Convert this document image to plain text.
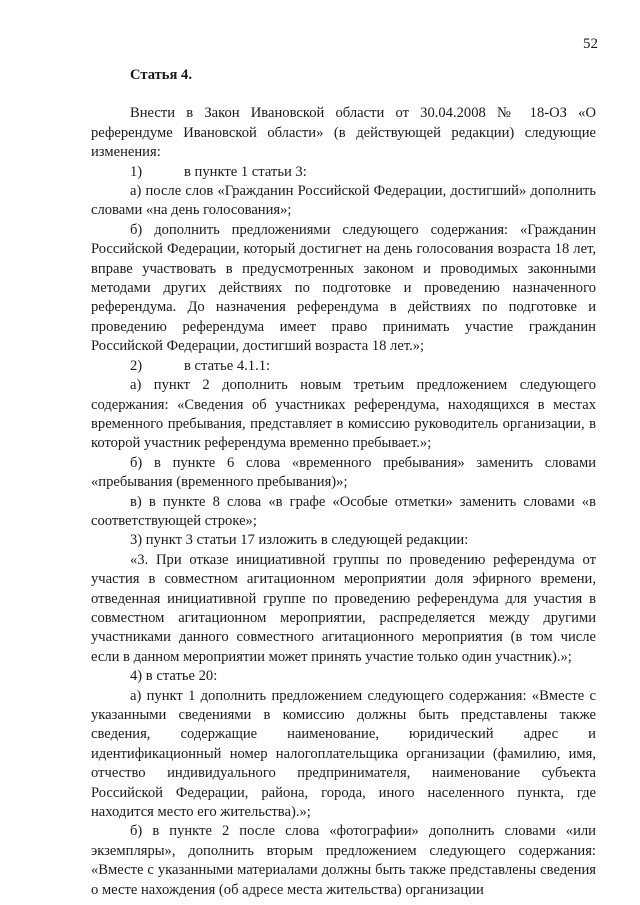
52
Статья 4.

Внести в Закон Ивановской области от 30.04.2008 № 18-ОЗ «О референдуме Ивановской области» (в действующей редакции) следующие изменения:

1)	в пункте 1 статьи 3:

а) после слов «Гражданин Российской Федерации, достигший» дополнить словами «на день голосования»;

б) дополнить предложениями следующего содержания: «Гражданин Российской Федерации, который достигнет на день голосования возраста 18 лет, вправе участвовать в предусмотренных законом и проводимых законными методами других действиях по подготовке и проведению назначенного референдума. До назначения референдума в действиях по подготовке и проведению референдума имеет право принимать участие гражданин Российской Федерации, достигший возраста 18 лет.»;

2)	в статье 4.1.1:

а) пункт 2 дополнить новым третьим предложением следующего содержания: «Сведения об участниках референдума, находящихся в местах временного пребывания, представляет в комиссию руководитель организации, в которой участник референдума временно пребывает.»;

б) в пункте 6 слова «временного пребывания» заменить словами «пребывания (временного пребывания)»;

в) в пункте 8 слова «в графе «Особые отметки» заменить словами «в соответствующей строке»;

3) пункт 3 статьи 17 изложить в следующей редакции:

«3. При отказе инициативной группы по проведению референдума от участия в совместном агитационном мероприятии доля эфирного времени, отведенная инициативной группе по проведению референдума для участия в совместном агитационном мероприятии, распределяется между другими участниками данного совместного агитационного мероприятия (в том числе если в данном мероприятии может принять участие только один участник).»;

4) в статье 20:

а) пункт 1 дополнить предложением следующего содержания: «Вместе с указанными сведениями в комиссию должны быть представлены также сведения, содержащие наименование, юридический адрес и идентификационный номер налогоплательщика организации (фамилию, имя, отчество индивидуального предпринимателя, наименование субъекта Российской Федерации, района, города, иного населенного пункта, где находится место его жительства).»;

б) в пункте 2 после слова «фотографии» дополнить словами «или экземпляры», дополнить вторым предложением следующего содержания: «Вместе с указанными материалами должны быть также представлены сведения о месте нахождения (об адресе места жительства) организации
